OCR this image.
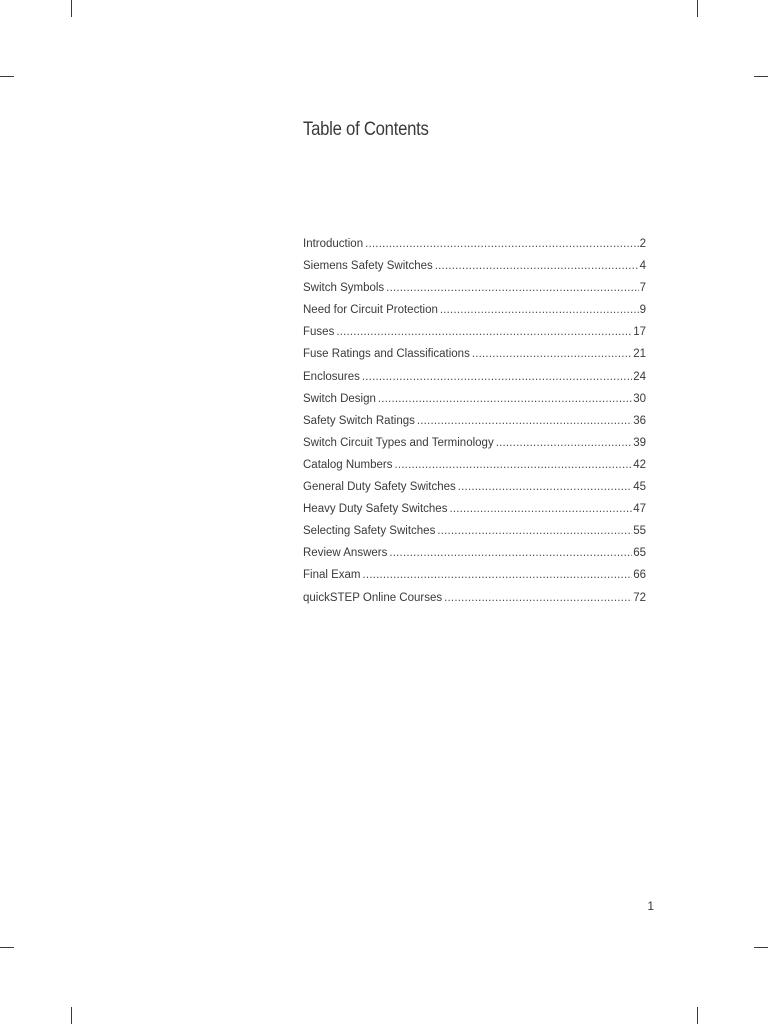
Table of Contents
Introduction .....	2
Siemens Safety Switches .....	4
Switch Symbols .....	7
Need for Circuit Protection .....	9
Fuses .....	17
Fuse Ratings and Classifications .....	21
Enclosures .....	24
Switch Design .....	30
Safety Switch Ratings .....	36
Switch Circuit Types and Terminology .....	39
Catalog Numbers .....	42
General Duty Safety Switches .....	45
Heavy Duty Safety Switches .....	47
Selecting Safety Switches .....	55
Review Answers .....	65
Final Exam .....	66
quickSTEP Online Courses .....	72
1
